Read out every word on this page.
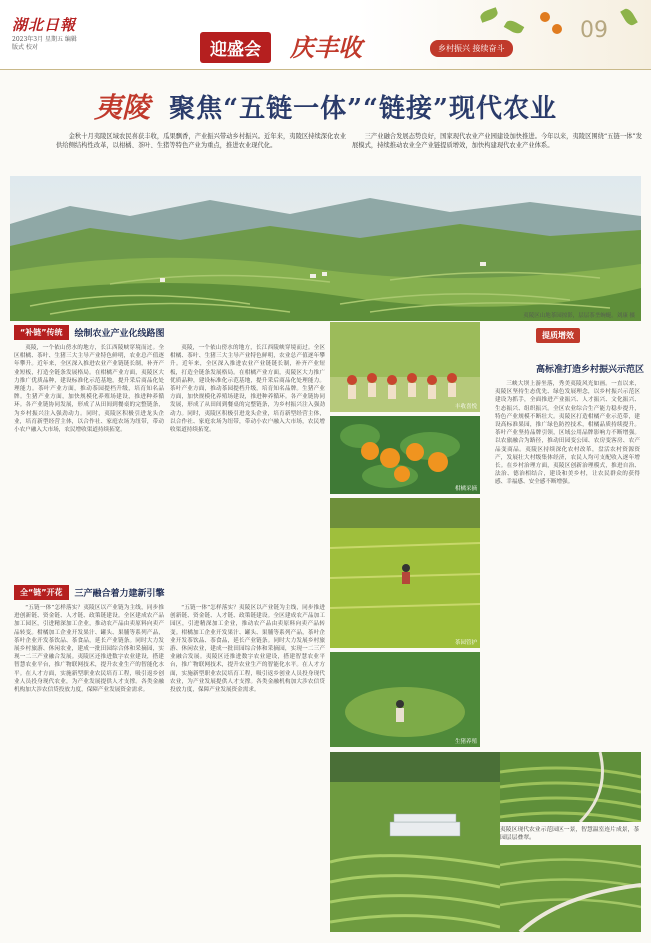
湖北日報
2023年3月 星期五 编辑 版式 校对	迎盛会	庆丰收	乡村振兴 接续奋斗
09
夷陵 聚焦“五链一体”“链接”现代农业

金秋十月夷陵区域农民喜获丰收，瓜果飘香，产业振兴带动乡村振兴。近年来，夷陵区持续深化农业供给侧结构性改革，以柑橘、茶叶、生猪等特色产业为重点，推进农业现代化。

三产业融合发展态势良好，国家现代农业产业园建设加快推进。今年以来，夷陵区围绕“五链一体”发展模式，持续推动农业全产业链提质增效，加快构建现代农业产业体系。

夷陵区山地茶园掠影，层层茶垄蜿蜒。刘康 摄
“补链”传统	绘制农业产业化线路图

夷陵，一个依山傍水的地方，长江西陵峡穿境而过。全区柑橘、茶叶、生猪三大主导产业特色鲜明，农业总产值逐年攀升。近年来，全区深入推进农业产业链链长制，补齐产业短板，打造全链条发展格局。在柑橘产业方面，夷陵区大力推广优质品种，建设标准化示范基地，提升采后商品化处理能力。茶叶产业方面，推动茶园提档升级，培育知名品牌。生猪产业方面，加快规模化养殖场建设，推进种养循环。各产业链协同发展，形成了从田间到餐桌的完整链条，为乡村振兴注入强劲动力。同时，夷陵区积极引进龙头企业，培育新型经营主体，以合作社、家庭农场为纽带，带动小农户融入大市场，农民增收渠道持续拓宽。

夷陵，一个依山傍水的地方，长江西陵峡穿境而过。全区柑橘、茶叶、生猪三大主导产业特色鲜明，农业总产值逐年攀升。近年来，全区深入推进农业产业链链长制，补齐产业短板，打造全链条发展格局。在柑橘产业方面，夷陵区大力推广优质品种，建设标准化示范基地，提升采后商品化处理能力。茶叶产业方面，推动茶园提档升级，培育知名品牌。生猪产业方面，加快规模化养殖场建设，推进种养循环。各产业链协同发展，形成了从田间到餐桌的完整链条，为乡村振兴注入强劲动力。同时，夷陵区积极引进龙头企业，培育新型经营主体，以合作社、家庭农场为纽带，带动小农户融入大市场，农民增收渠道持续拓宽。

丰收喜悦
柑橘采摘
茶园管护
生猪养殖
全“链”开花	三产融合着力建新引擎

“五链一体”怎样落实？夷陵区以产业链为主线，同步推进创新链、资金链、人才链、政策链建设。全区建成农产品加工园区，引进精深加工企业，推动农产品由卖原料向卖产品转变。柑橘加工企业开发果汁、罐头、果脯等系列产品，茶叶企业开发茶饮品、茶食品，延长产业链条。同时大力发展乡村旅游、休闲农业，建成一批田园综合体和采摘园，实现一二三产业融合发展。夷陵区还推进数字农业建设，搭建智慧农业平台，推广物联网技术，提升农业生产的智能化水平。在人才方面，实施新型职业农民培育工程，吸引返乡创业人员投身现代农业，为产业发展提供人才支撑。各类金融机构加大涉农信贷投放力度，保障产业发展资金需求。

“五链一体”怎样落实？夷陵区以产业链为主线，同步推进创新链、资金链、人才链、政策链建设。全区建成农产品加工园区，引进精深加工企业，推动农产品由卖原料向卖产品转变。柑橘加工企业开发果汁、罐头、果脯等系列产品，茶叶企业开发茶饮品、茶食品，延长产业链条。同时大力发展乡村旅游、休闲农业，建成一批田园综合体和采摘园，实现一二三产业融合发展。夷陵区还推进数字农业建设，搭建智慧农业平台，推广物联网技术，提升农业生产的智能化水平。在人才方面，实施新型职业农民培育工程，吸引返乡创业人员投身现代农业，为产业发展提供人才支撑。各类金融机构加大涉农信贷投放力度，保障产业发展资金需求。

提质增效
高标准打造乡村振兴示范区

三峡大坝上游坐落，秀美夷陵风光如画。一直以来，夷陵区坚持生态优先、绿色发展理念，以乡村振兴示范区建设为抓手，全面推进产业振兴、人才振兴、文化振兴、生态振兴、组织振兴。全区农业综合生产能力稳步提升，特色产业规模不断壮大。夷陵区打造柑橘产业示范带，建设高标准果园，推广绿色防控技术，柑橘品质持续提升。茶叶产业坚持品牌引领，区域公用品牌影响力不断增强。以农旅融合为路径，推动田园变公园、农房变客房、农产品变商品。夷陵区持续深化农村改革，盘活农村资源资产，发展壮大村级集体经济，农民人均可支配收入逐年增长。在乡村治理方面，夷陵区创新治理模式，推进自治、法治、德治相结合，建设和美乡村，让农民群众的获得感、幸福感、安全感不断增强。

夷陵区现代农业示范园区一景，智慧温室连片成景，茶园层层叠翠。
